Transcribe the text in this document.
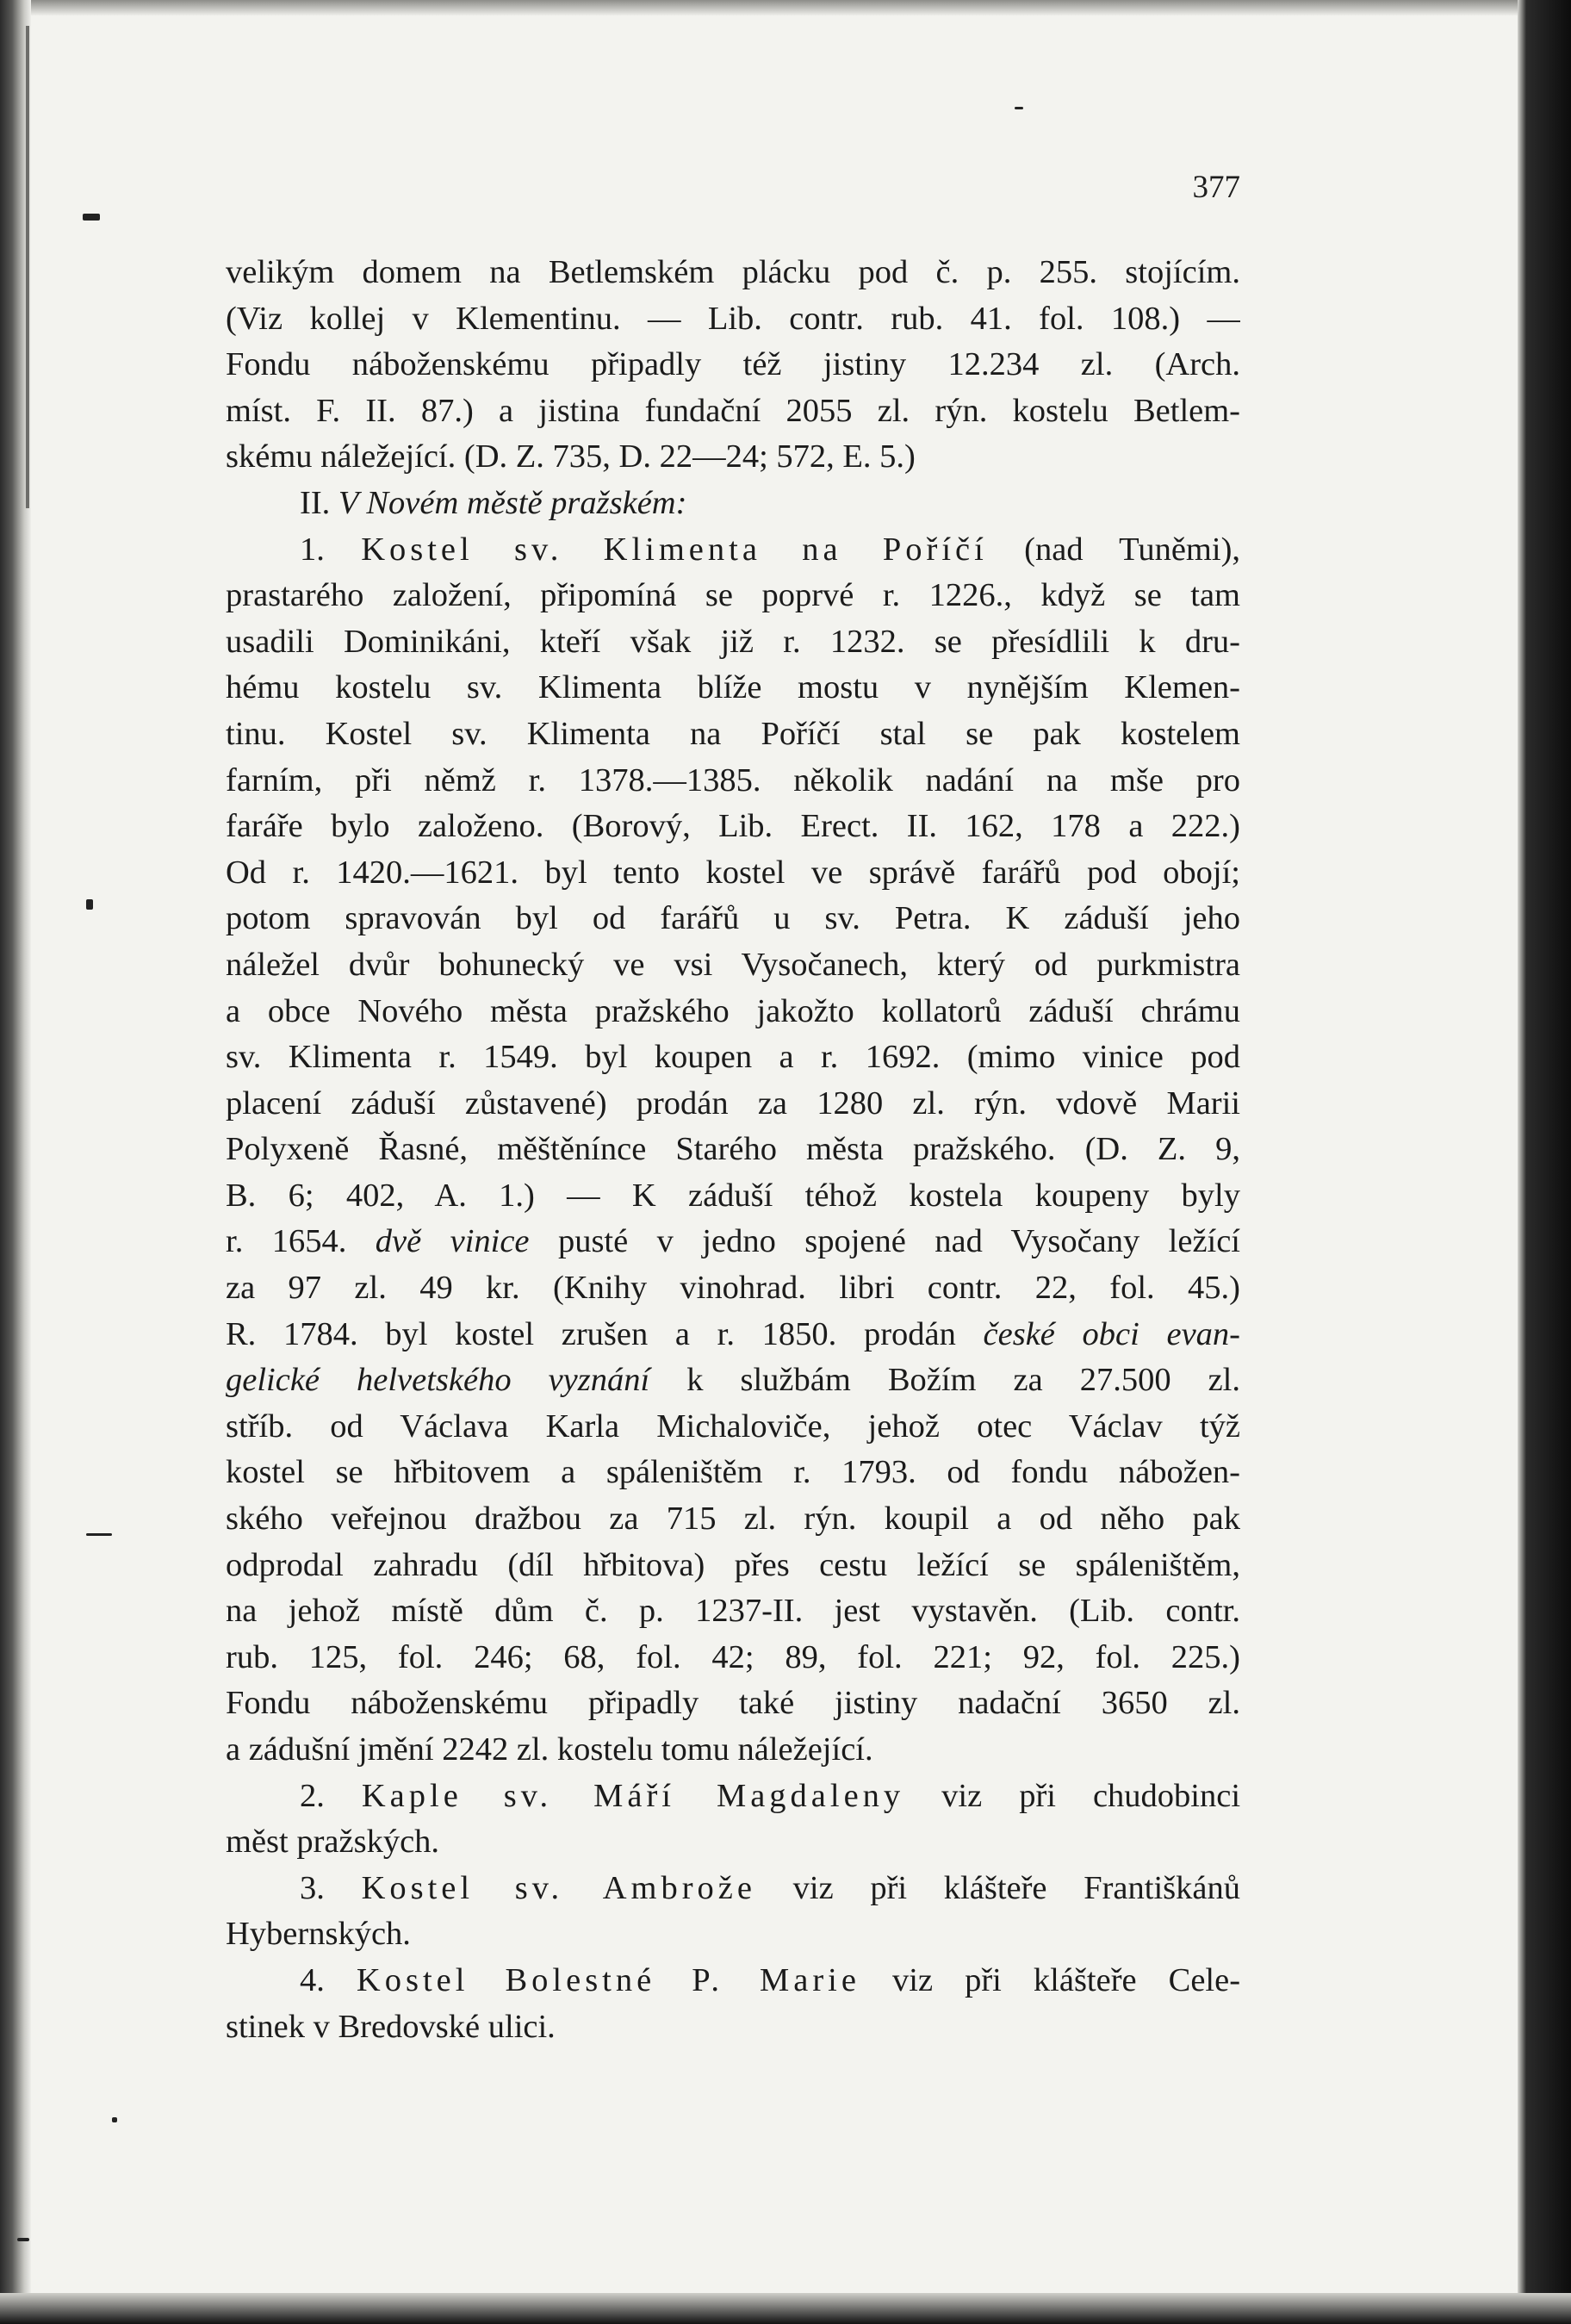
377
velikým domem na Betlemském plácku pod č. p. 255. stojícím.
(Viz kollej v Klementinu. — Lib. contr. rub. 41. fol. 108.) —
Fondu náboženskému připadly též jistiny 12.234 zl. (Arch.
míst. F. II. 87.) a jistina fundační 2055 zl. rýn. kostelu Betlem-
skému náležející. (D. Z. 735, D. 22—24; 572, E. 5.)
II. V Novém městě pražském:
1. Kostel sv. Klimenta na Poříčí (nad Tuněmi),
prastarého založení, připomíná se poprvé r. 1226., když se tam
usadili Dominikáni, kteří však již r. 1232. se přesídlili k dru-
hému kostelu sv. Klimenta blíže mostu v nynějším Klemen-
tinu. Kostel sv. Klimenta na Poříčí stal se pak kostelem
farním, při němž r. 1378.—1385. několik nadání na mše pro
faráře bylo založeno. (Borový, Lib. Erect. II. 162, 178 a 222.)
Od r. 1420.—1621. byl tento kostel ve správě farářů pod obojí;
potom spravován byl od farářů u sv. Petra. K záduší jeho
náležel dvůr bohunecký ve vsi Vysočanech, který od purkmistra
a obce Nového města pražského jakožto kollatorů záduší chrámu
sv. Klimenta r. 1549. byl koupen a r. 1692. (mimo vinice pod
placení záduší zůstavené) prodán za 1280 zl. rýn. vdově Marii
Polyxeně Řasné, měštěnínce Starého města pražského. (D. Z. 9,
B. 6; 402, A. 1.) — K záduší téhož kostela koupeny byly
r. 1654. dvě vinice pusté v jedno spojené nad Vysočany ležící
za 97 zl. 49 kr. (Knihy vinohrad. libri contr. 22, fol. 45.)
R. 1784. byl kostel zrušen a r. 1850. prodán české obci evan-
gelické helvetského vyznání k službám Božím za 27.500 zl.
stříb. od Václava Karla Michaloviče, jehož otec Václav týž
kostel se hřbitovem a spáleništěm r. 1793. od fondu nábožen-
ského veřejnou dražbou za 715 zl. rýn. koupil a od něho pak
odprodal zahradu (díl hřbitova) přes cestu ležící se spáleništěm,
na jehož místě dům č. p. 1237-II. jest vystavěn. (Lib. contr.
rub. 125, fol. 246; 68, fol. 42; 89, fol. 221; 92, fol. 225.)
Fondu náboženskému připadly také jistiny nadační 3650 zl.
a zádušní jmění 2242 zl. kostelu tomu náležející.
2. Kaple sv. Máří Magdaleny viz při chudobinci
měst pražských.
3. Kostel sv. Ambrože viz při klášteře Františkánů
Hybernských.
4. Kostel Bolestné P. Marie viz při klášteře Cele-
stinek v Bredovské ulici.
